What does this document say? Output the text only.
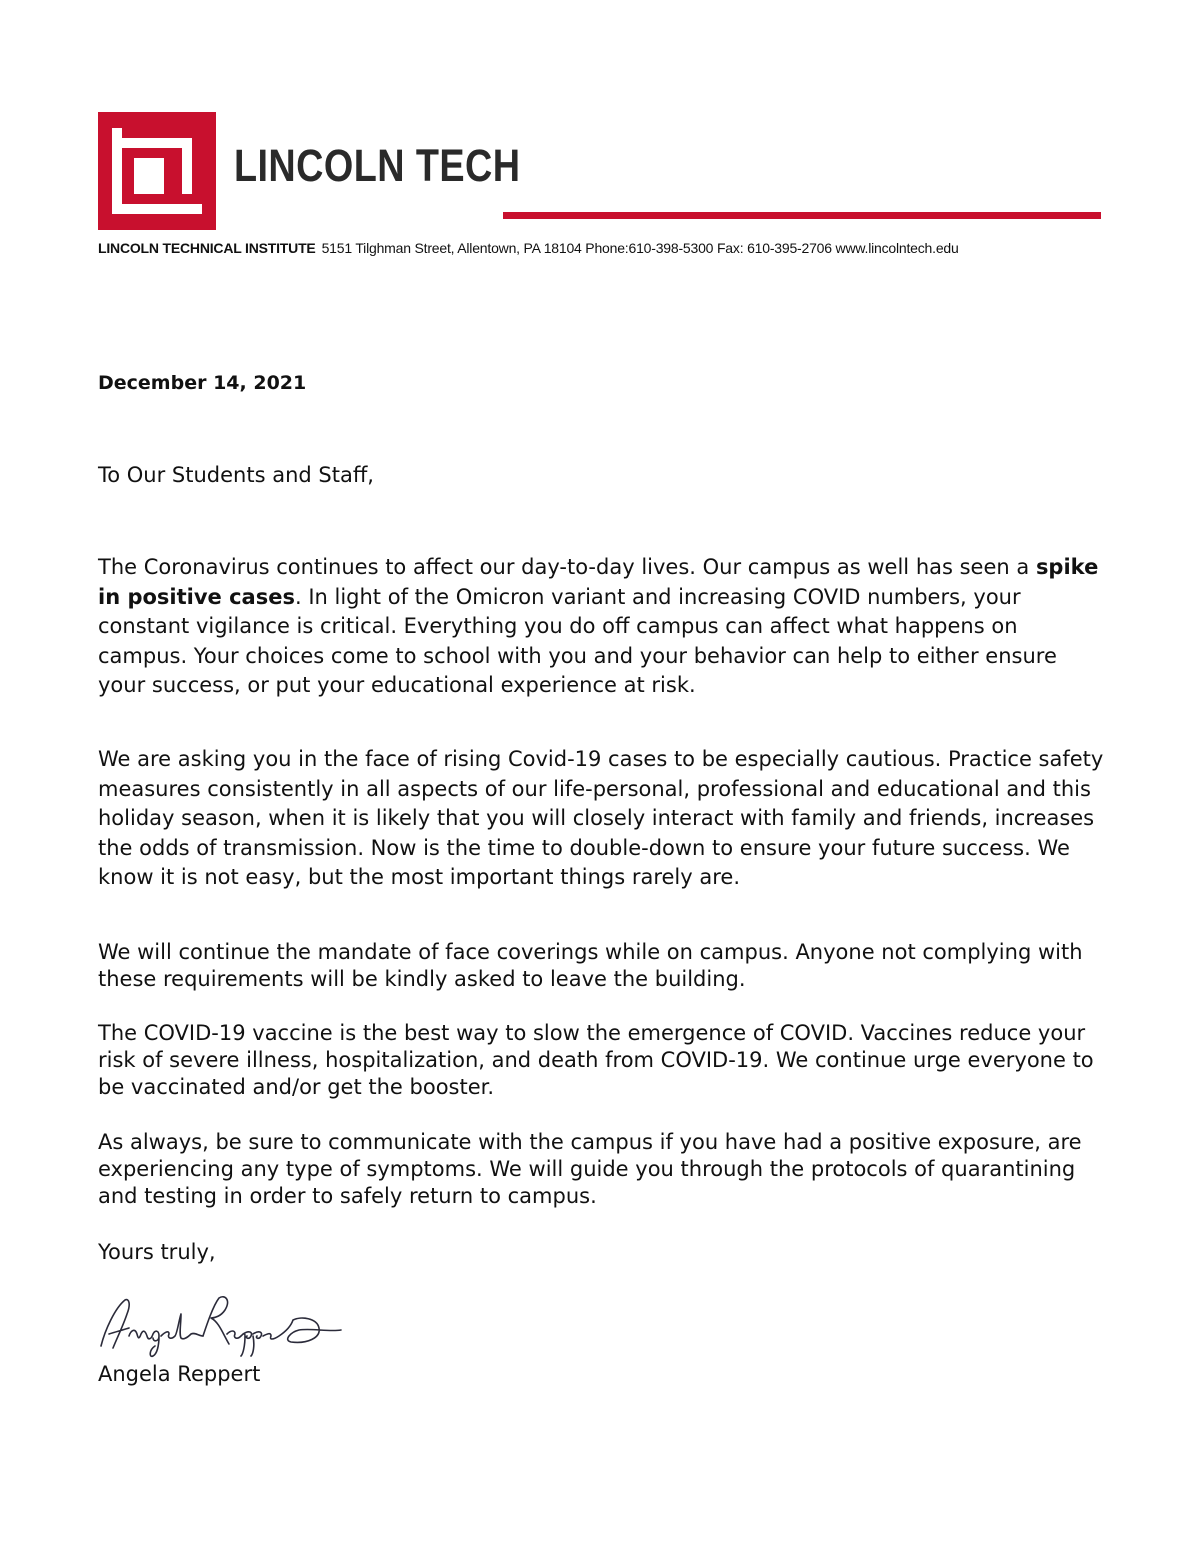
LINCOLN TECH
LINCOLN TECHNICAL INSTITUTE 5151 Tilghman Street, Allentown, PA 18104 Phone:610-398-5300 Fax: 610-395-2706 www.lincolntech.edu
December 14, 2021
To Our Students and Staff,

The Coronavirus continues to affect our day-to-day lives. Our campus as well has seen a spike in positive cases. In light of the Omicron variant and increasing COVID numbers, your constant vigilance is critical. Everything you do off campus can affect what happens on campus. Your choices come to school with you and your behavior can help to either ensure your success, or put your educational experience at risk.

We are asking you in the face of rising Covid-19 cases to be especially cautious. Practice safety measures consistently in all aspects of our life-personal, professional and educational and this holiday season, when it is likely that you will closely interact with family and friends, increases the odds of transmission. Now is the time to double-down to ensure your future success. We know it is not easy, but the most important things rarely are.

We will continue the mandate of face coverings while on campus. Anyone not complying with these requirements will be kindly asked to leave the building.

The COVID-19 vaccine is the best way to slow the emergence of COVID. Vaccines reduce your risk of severe illness, hospitalization, and death from COVID-19. We continue urge everyone to be vaccinated and/or get the booster.

As always, be sure to communicate with the campus if you have had a positive exposure, are experiencing any type of symptoms. We will guide you through the protocols of quarantining and testing in order to safely return to campus.

Yours truly,
Angela Reppert
